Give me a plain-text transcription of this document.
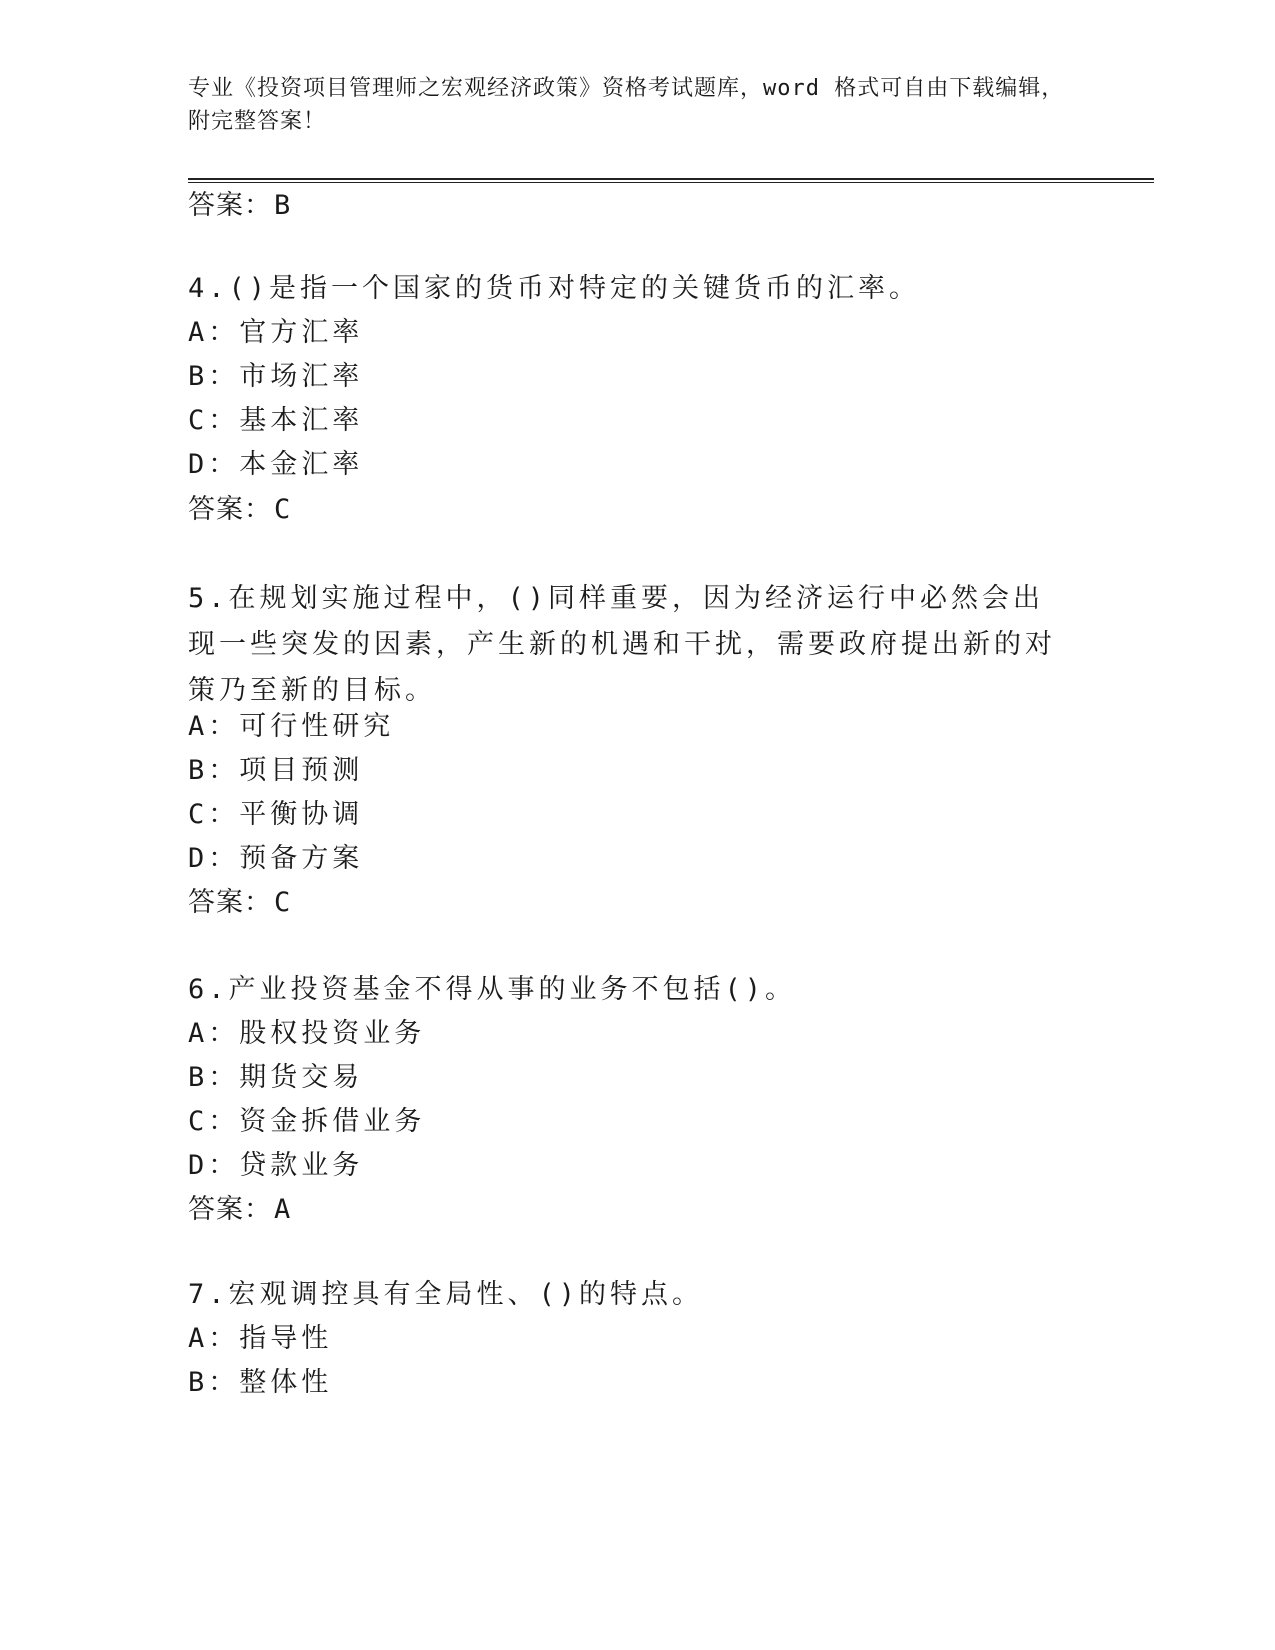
专业《投资项目管理师之宏观经济政策》资格考试题库，word 格式可自由下载编辑，附完整答案！
答案：B
4.()是指一个国家的货币对特定的关键货币的汇率。
A：官方汇率
B：市场汇率
C：基本汇率
D：本金汇率
答案：C
5.在规划实施过程中，()同样重要，因为经济运行中必然会出现一些突发的因素，产生新的机遇和干扰，需要政府提出新的对策乃至新的目标。
A：可行性研究
B：项目预测
C：平衡协调
D：预备方案
答案：C
6.产业投资基金不得从事的业务不包括()。
A：股权投资业务
B：期货交易
C：资金拆借业务
D：贷款业务
答案：A
7.宏观调控具有全局性、()的特点。
A：指导性
B：整体性
